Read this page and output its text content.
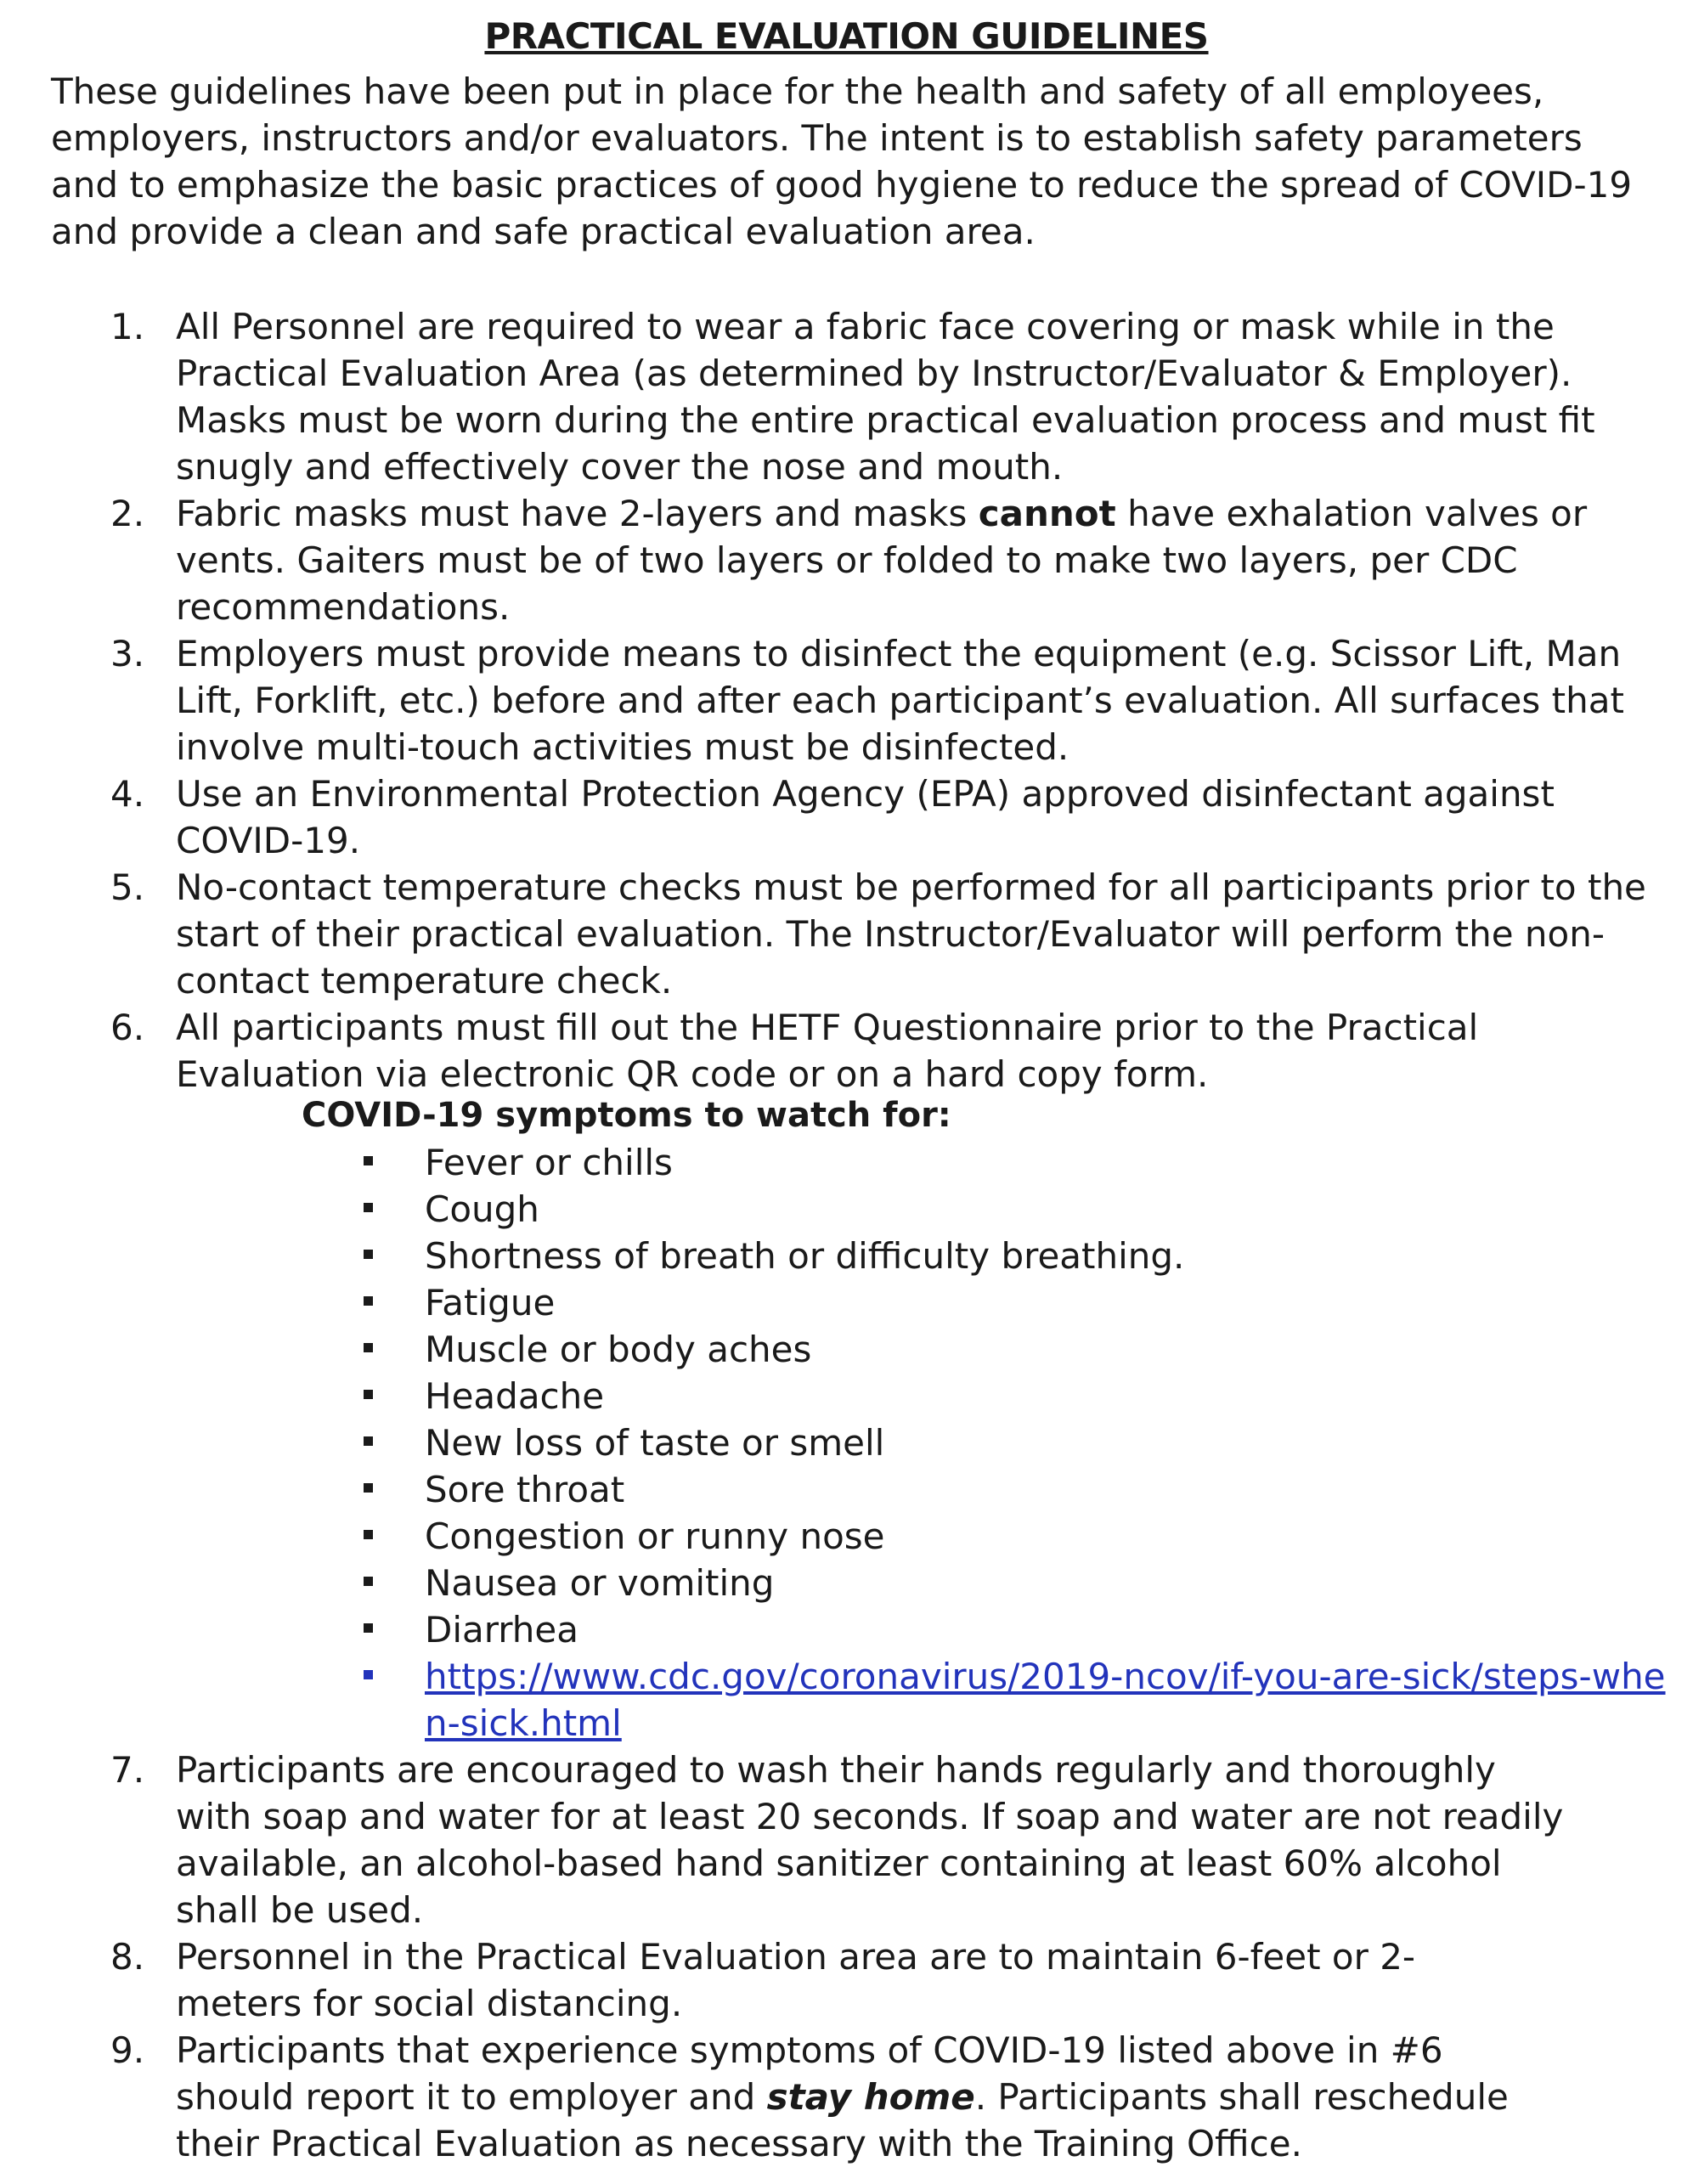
PRACTICAL EVALUATION GUIDELINES

These guidelines have been put in place for the health and safety of all employees, employers, instructors and/or evaluators. The intent is to establish safety parameters and to emphasize the basic practices of good hygiene to reduce the spread of COVID-19 and provide a clean and safe practical evaluation area.

1. All Personnel are required to wear a fabric face covering or mask while in the Practical Evaluation Area (as determined by Instructor/Evaluator & Employer). Masks must be worn during the entire practical evaluation process and must fit snugly and effectively cover the nose and mouth.
2. Fabric masks must have 2-layers and masks cannot have exhalation valves or vents. Gaiters must be of two layers or folded to make two layers, per CDC recommendations.
3. Employers must provide means to disinfect the equipment (e.g. Scissor Lift, Man Lift, Forklift, etc.) before and after each participant’s evaluation. All surfaces that involve multi-touch activities must be disinfected.
4. Use an Environmental Protection Agency (EPA) approved disinfectant against COVID-19.
5. No-contact temperature checks must be performed for all participants prior to the start of their practical evaluation. The Instructor/Evaluator will perform the non-contact temperature check.
6. All participants must fill out the HETF Questionnaire prior to the Practical Evaluation via electronic QR code or on a hard copy form.
COVID-19 symptoms to watch for:
Fever or chills
Cough
Shortness of breath or difficulty breathing.
Fatigue
Muscle or body aches
Headache
New loss of taste or smell
Sore throat
Congestion or runny nose
Nausea or vomiting
Diarrhea
https://www.cdc.gov/coronavirus/2019-ncov/if-you-are-sick/steps-when-sick.html
7. Participants are encouraged to wash their hands regularly and thoroughly with soap and water for at least 20 seconds. If soap and water are not readily available, an alcohol-based hand sanitizer containing at least 60% alcohol shall be used.
8. Personnel in the Practical Evaluation area are to maintain 6-feet or 2-meters for social distancing.
9. Participants that experience symptoms of COVID-19 listed above in #6 should report it to employer and stay home. Participants shall reschedule their Practical Evaluation as necessary with the Training Office.
